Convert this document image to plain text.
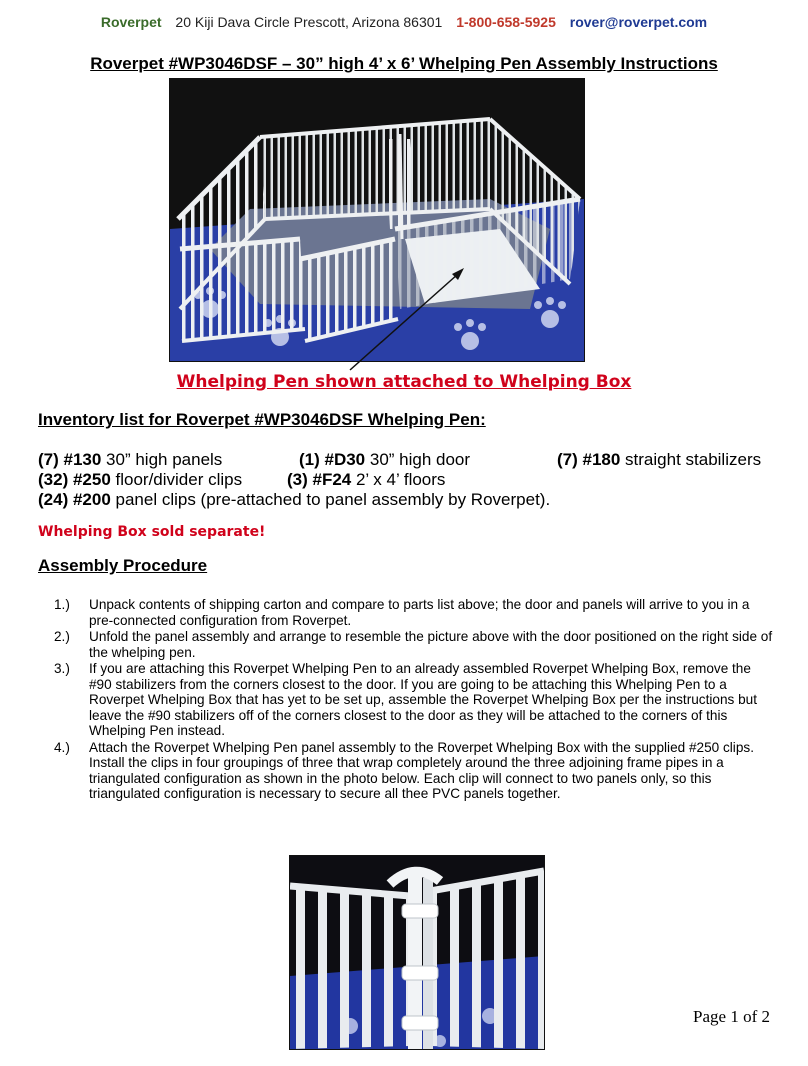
Roverpet 20 Kiji Dava Circle Prescott, Arizona 86301 1-800-658-5925 rover@roverpet.com
Roverpet #WP3046DSF – 30” high 4’ x 6’ Whelping Pen Assembly Instructions
Whelping Pen shown attached to Whelping Box
Inventory list for Roverpet #WP3046DSF Whelping Pen:
(7) #130 30” high panels	(1) #D30 30” high door	(7) #180 straight stabilizers
(32) #250 floor/divider clips	(3) #F24 2’ x 4’ floors
(24) #200 panel clips (pre-attached to panel assembly by Roverpet).
Whelping Box sold separate!
Assembly Procedure
1.) Unpack contents of shipping carton and compare to parts list above; the door and panels will arrive to you in a pre-connected configuration from Roverpet.
2.) Unfold the panel assembly and arrange to resemble the picture above with the door positioned on the right side of the whelping pen.
3.) If you are attaching this Roverpet Whelping Pen to an already assembled Roverpet Whelping Box, remove the #90 stabilizers from the corners closest to the door. If you are going to be attaching this Whelping Pen to a Roverpet Whelping Box that has yet to be set up, assemble the Roverpet Whelping Box per the instructions but leave the #90 stabilizers off of the corners closest to the door as they will be attached to the corners of this Whelping Pen instead.
4.) Attach the Roverpet Whelping Pen panel assembly to the Roverpet Whelping Box with the supplied #250 clips. Install the clips in four groupings of three that wrap completely around the three adjoining frame pipes in a triangulated configuration as shown in the photo below. Each clip will connect to two panels only, so this triangulated configuration is necessary to secure all thee PVC panels together.
Page 1 of 2
